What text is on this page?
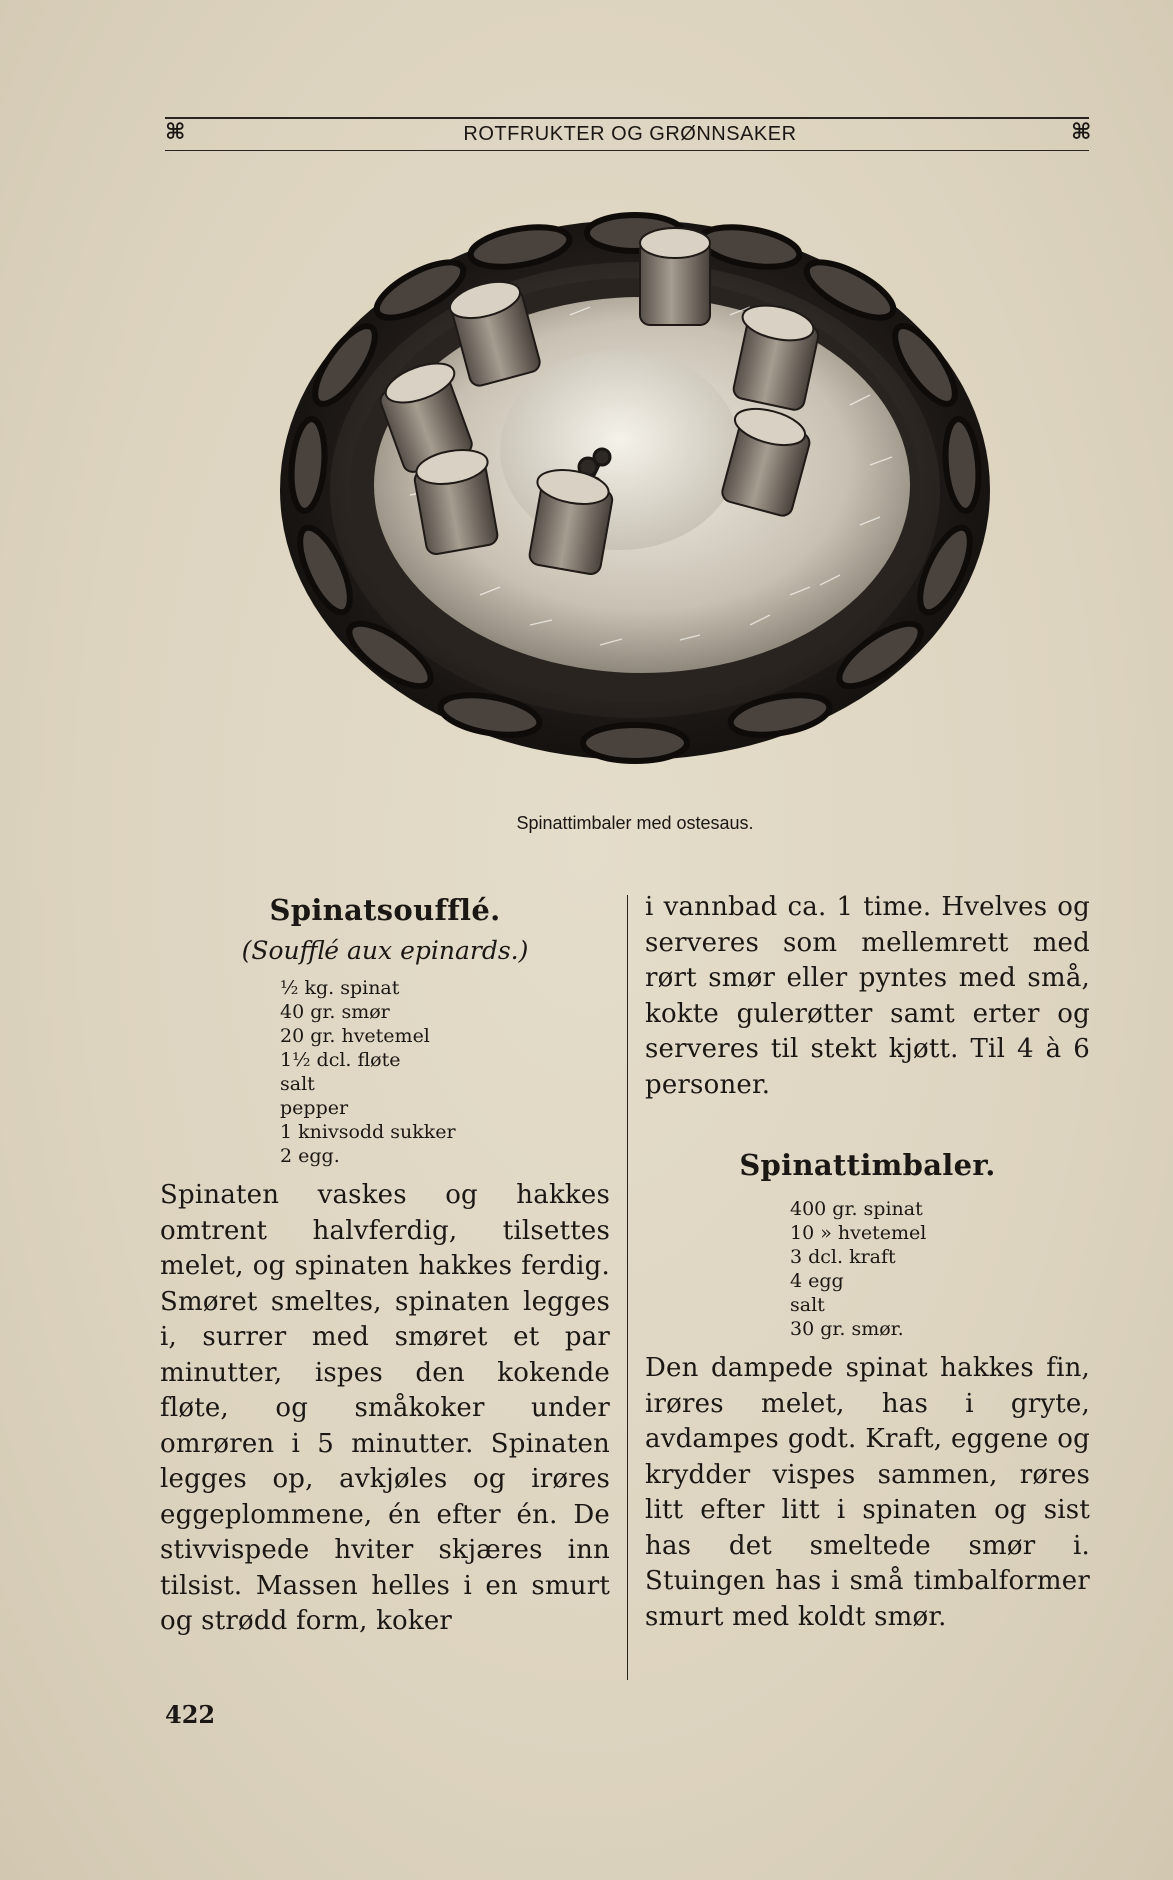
⌘	ROTFRUKTER OG GRØNNSAKER	⌘
Spinattimbaler med ostesaus.
Spinatsoufflé.

(Soufflé aux epinards.)

½ kg. spinat
40 gr. smør
20 gr. hvetemel
1½ dcl. fløte
salt
pepper
1 knivsodd sukker
2 egg.

Spinaten vaskes og hakkes omtrent halvferdig, tilsettes melet, og spinaten hakkes ferdig. Smøret smeltes, spinaten legges i, surrer med smøret et par minutter, ispes den kokende fløte, og småkoker under omrøren i 5 minutter. Spinaten legges op, avkjøles og irøres eggeplommene, én efter én. De stivvispede hviter skjæres inn tilsist. Massen helles i en smurt og strødd form, koker

i vannbad ca. 1 time. Hvelves og serveres som mellemrett med rørt smør eller pyntes med små, kokte gulerøtter samt erter og serveres til stekt kjøtt. Til 4 à 6 personer.

Spinattimbaler.
400 gr. spinat
10 » hvetemel
3 dcl. kraft
4 egg
salt
30 gr. smør.

Den dampede spinat hakkes fin, irøres melet, has i gryte, avdampes godt. Kraft, eggene og krydder vispes sammen, røres litt efter litt i spinaten og sist has det smeltede smør i. Stuingen has i små timbalformer smurt med koldt smør.

422
